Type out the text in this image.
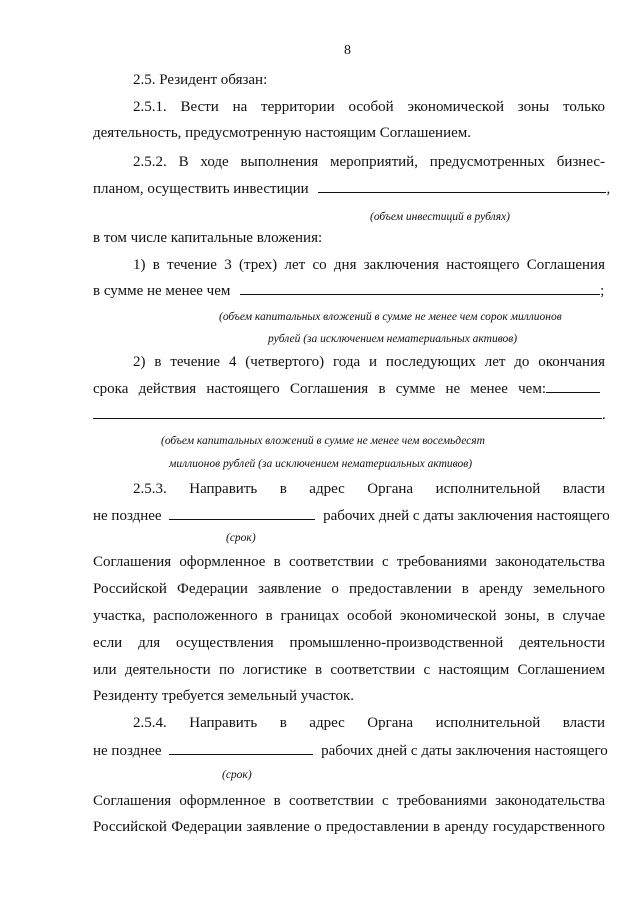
8
2.5. Резидент обязан:
2.5.1. Вести на территории особой экономической зоны только
деятельность, предусмотренную настоящим Соглашением.
2.5.2. В ходе выполнения мероприятий, предусмотренных бизнес-
планом, осуществить инвестиции	,
(объем инвестиций в рублях)
в том числе капитальные вложения:
1) в течение 3 (трех) лет со дня заключения настоящего Соглашения
в сумме не менее чем	;
(объем капитальных вложений в сумме не менее чем сорок миллионов
рублей (за исключением нематериальных активов)
2) в течение 4 (четвертого) года и последующих лет до окончания
срока действия настоящего Соглашения в сумме не менее чем:
.
(объем капитальных вложений в сумме не менее чем восемьдесят
миллионов рублей (за исключением нематериальных активов)
2.5.3. Направить в адрес Органа исполнительной власти
не позднее	рабочих дней с даты заключения настоящего
(срок)
Соглашения оформленное в соответствии с требованиями законодательства
Российской Федерации заявление о предоставлении в аренду земельного
участка, расположенного в границах особой экономической зоны, в случае
если для осуществления промышленно-производственной деятельности
или деятельности по логистике в соответствии с настоящим Соглашением
Резиденту требуется земельный участок.
2.5.4. Направить в адрес Органа исполнительной власти
не позднее	рабочих дней с даты заключения настоящего
(срок)
Соглашения оформленное в соответствии с требованиями законодательства
Российской Федерации заявление о предоставлении в аренду государственного
